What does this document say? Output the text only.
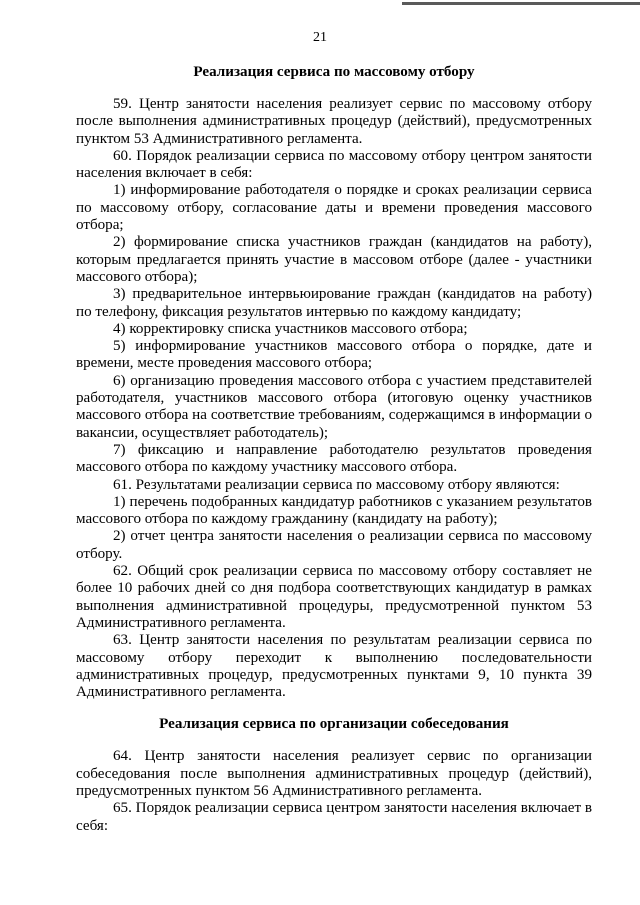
21
Реализация сервиса по массовому отбору

59. Центр занятости населения реализует сервис по массовому отбору после выполнения административных процедур (действий), предусмотренных пунктом 53 Административного регламента.

60. Порядок реализации сервиса по массовому отбору центром занятости населения включает в себя:

1) информирование работодателя о порядке и сроках реализации сервиса по массовому отбору, согласование даты и времени проведения массового отбора;

2) формирование списка участников граждан (кандидатов на работу), которым предлагается принять участие в массовом отборе (далее - участники массового отбора);

3) предварительное интервьюирование граждан (кандидатов на работу) по телефону, фиксация результатов интервью по каждому кандидату;

4) корректировку списка участников массового отбора;

5) информирование участников массового отбора о порядке, дате и времени, месте проведения массового отбора;

6) организацию проведения массового отбора с участием представителей работодателя, участников массового отбора (итоговую оценку участников массового отбора на соответствие требованиям, содержащимся в информации о вакансии, осуществляет работодатель);

7) фиксацию и направление работодателю результатов проведения массового отбора по каждому участнику массового отбора.

61. Результатами реализации сервиса по массовому отбору являются:

1) перечень подобранных кандидатур работников с указанием результатов массового отбора по каждому гражданину (кандидату на работу);

2) отчет центра занятости населения о реализации сервиса по массовому отбору.

62. Общий срок реализации сервиса по массовому отбору составляет не более 10 рабочих дней со дня подбора соответствующих кандидатур в рамках выполнения административной процедуры, предусмотренной пунктом 53 Административного регламента.

63. Центр занятости населения по результатам реализации сервиса по массовому отбору переходит к выполнению последовательности административных процедур, предусмотренных пунктами 9, 10 пункта 39 Административного регламента.

Реализация сервиса по организации собеседования

64. Центр занятости населения реализует сервис по организации собеседования после выполнения административных процедур (действий), предусмотренных пунктом 56 Административного регламента.

65. Порядок реализации сервиса центром занятости населения включает в себя:
